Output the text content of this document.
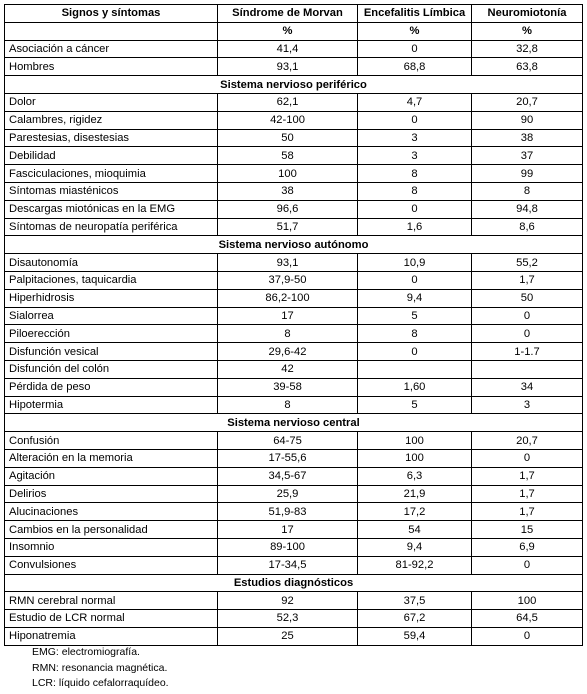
Signos y síntomas	Síndrome de Morvan	Encefalitis Límbica	Neuromiotonía
	%	%	%
Asociación a cáncer	41,4	0	32,8
Hombres	93,1	68,8	63,8
Sistema nervioso periférico			
Dolor	62,1	4,7	20,7
Calambres, rigidez	42-100	0	90
Parestesias, disestesias	50	3	38
Debilidad	58	3	37
Fasciculaciones, mioquimia	100	8	99
Síntomas miasténicos	38	8	8
Descargas miotónicas en la EMG	96,6	0	94,8
Síntomas de neuropatía periférica	51,7	1,6	8,6
Sistema nervioso autónomo			
Disautonomía	93,1	10,9	55,2
Palpitaciones, taquicardia	37,9-50	0	1,7
Hiperhidrosis	86,2-100	9,4	50
Sialorrea	17	5	0
Piloerección	8	8	0
Disfunción vesical	29,6-42	0	1-1.7
Disfunción del colón	42		
Pérdida de peso	39-58	1,60	34
Hipotermia	8	5	3
Sistema nervioso central			
Confusión	64-75	100	20,7
Alteración en la memoria	17-55,6	100	0
Agitación	34,5-67	6,3	1,7
Delirios	25,9	21,9	1,7
Alucinaciones	51,9-83	17,2	1,7
Cambios en la personalidad	17	54	15
Insomnio	89-100	9,4	6,9
Convulsiones	17-34,5	81-92,2	0
Estudios diagnósticos			
RMN cerebral normal	92	37,5	100
Estudio de LCR normal	52,3	67,2	64,5
Hiponatremia	25	59,4	0
EMG: electromiografía.
RMN: resonancia magnética.
LCR: líquido cefalorraquídeo.
